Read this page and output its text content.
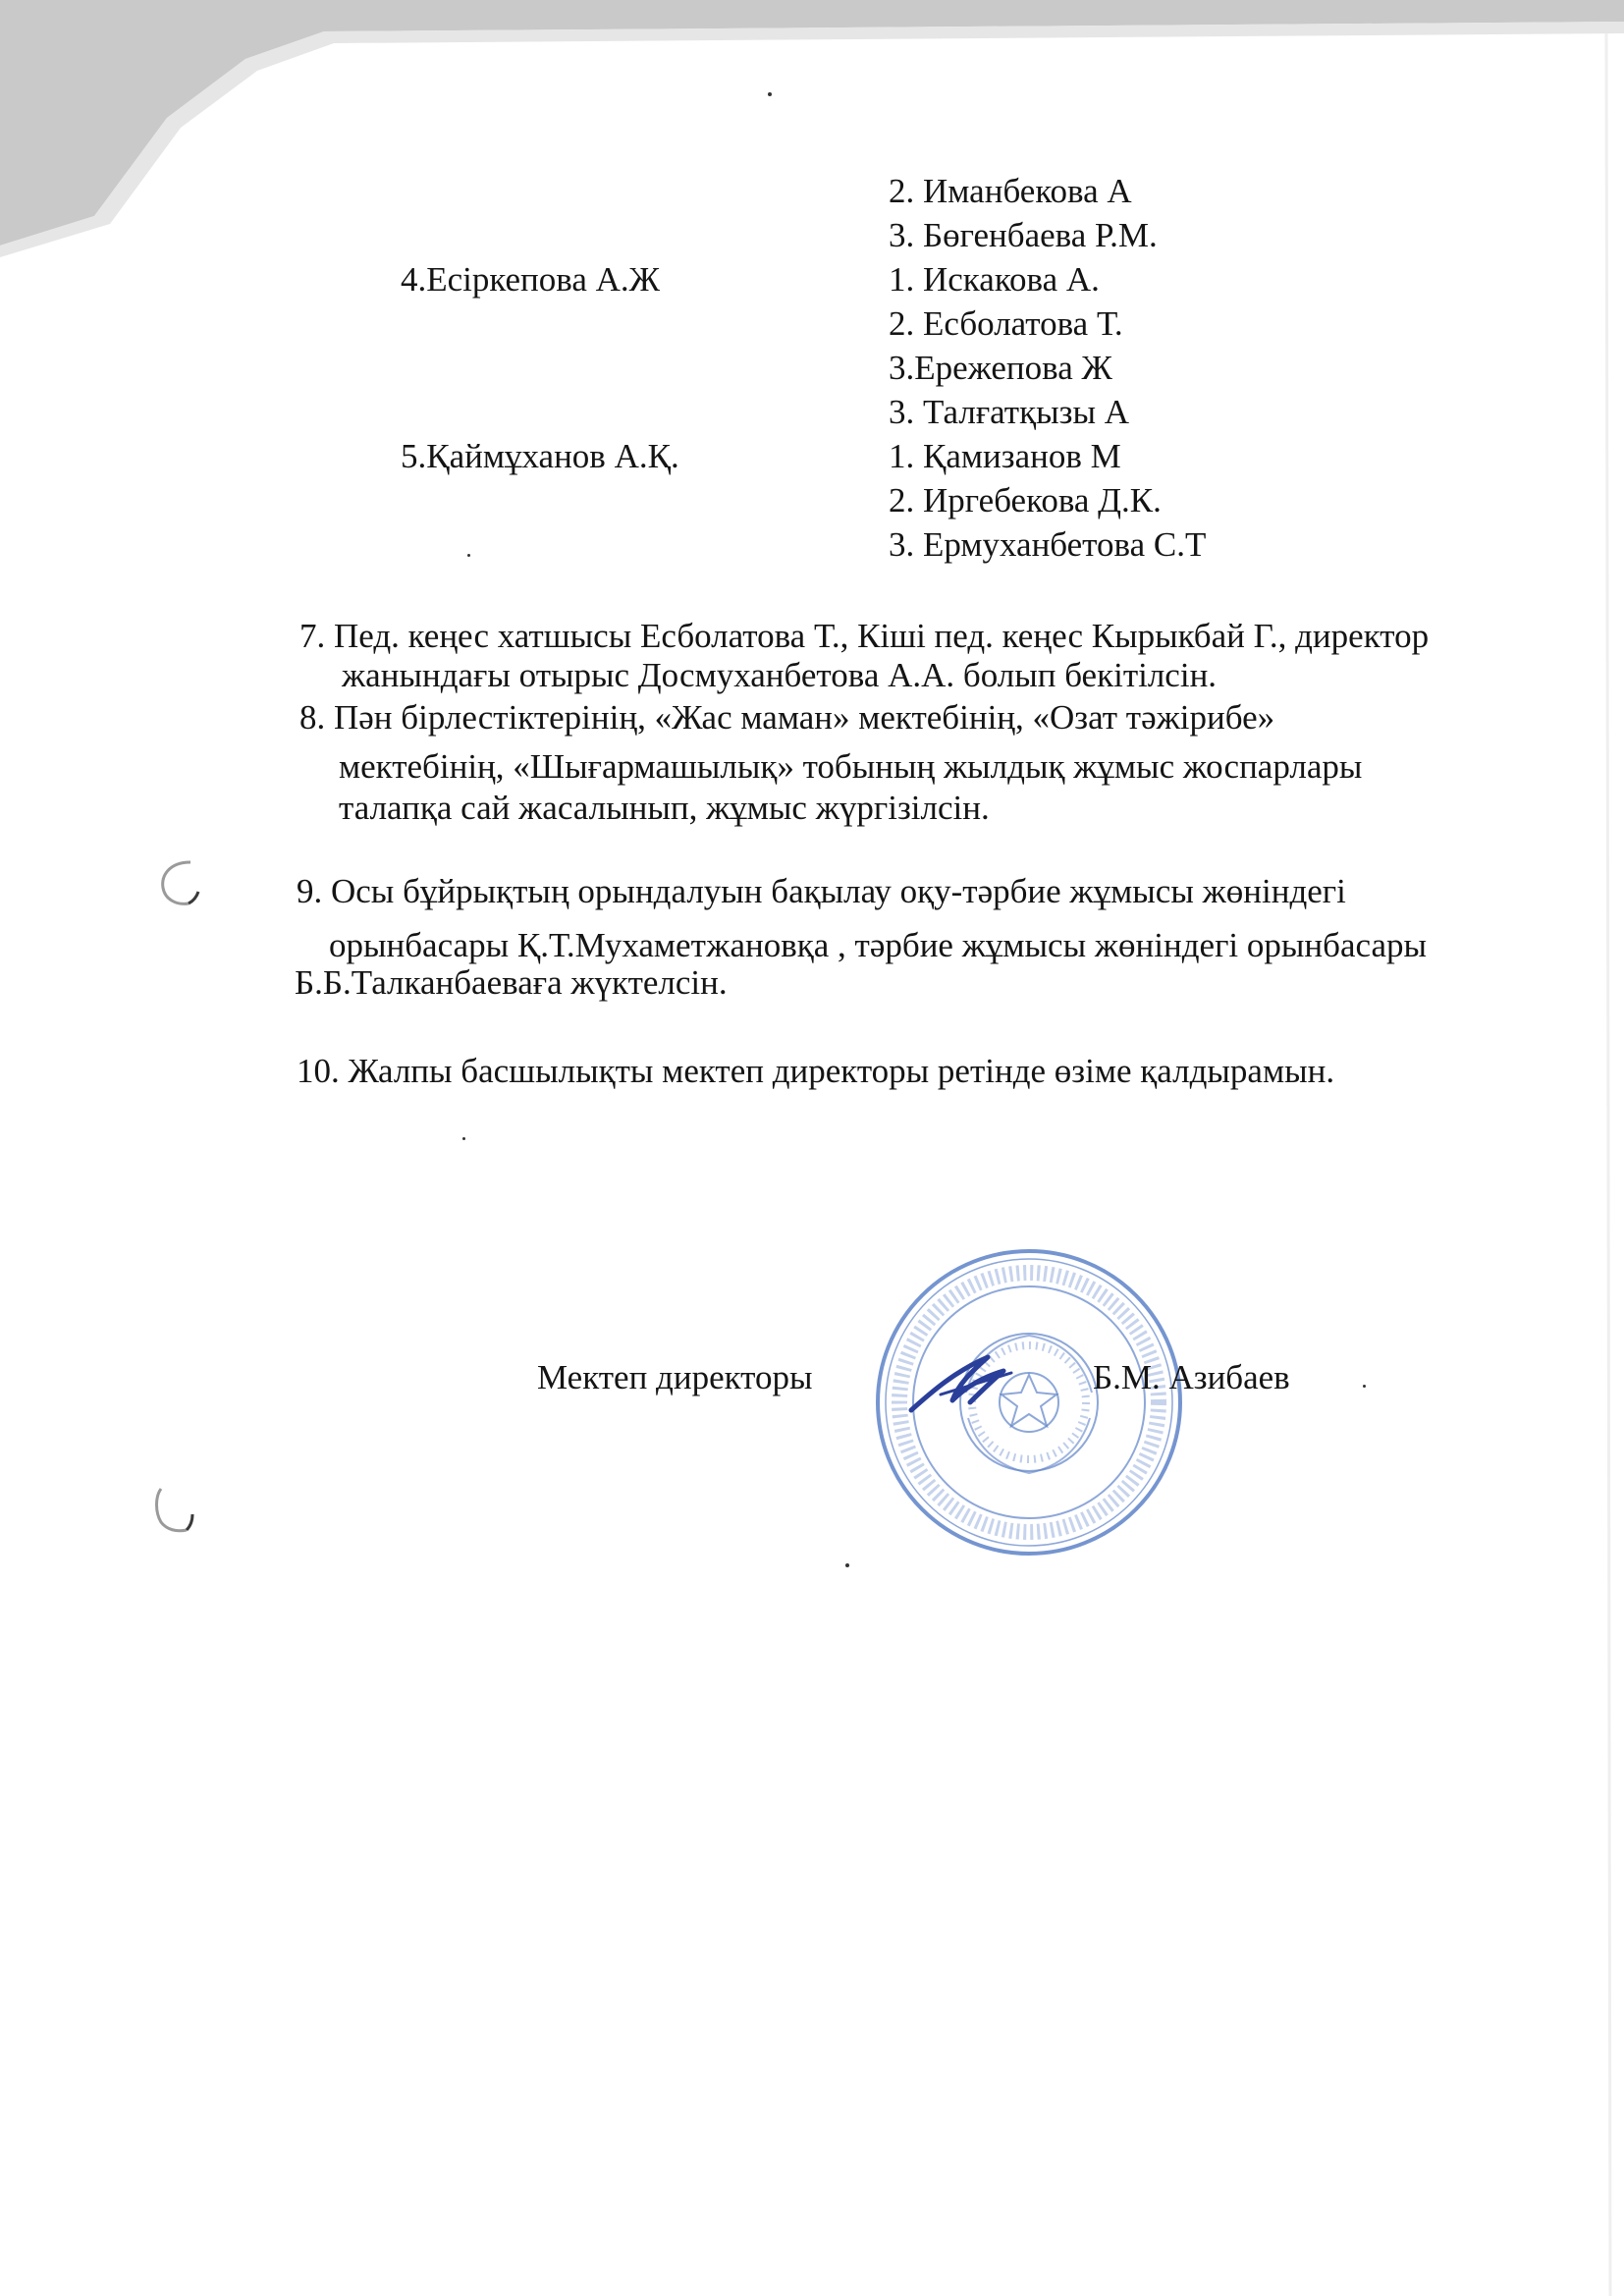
2. Иманбекова А
3. Бөгенбаева Р.М.
4.Есіркепова А.Ж	1. Искакова А.
2. Есболатова Т.
3.Ережепова Ж
3. Талғатқызы А
5.Қаймұханов А.Қ.	1. Қамизанов М
2. Иргебекова Д.К.
3. Ермуханбетова С.Т
7. Пед. кеңес хатшысы Есболатова Т., Кіші пед. кеңес Кырыкбай Г., директор
жанындағы отырыс Досмуханбетова А.А. болып бекітілсін.
8. Пән бірлестіктерінің, «Жас маман» мектебінің, «Озат тәжірибе»
мектебінің, «Шығармашылық» тобының жылдық жұмыс жоспарлары
талапқа сай жасалынып, жұмыс жүргізілсін.
9. Осы бұйрықтың орындалуын бақылау оқу-тәрбие жұмысы жөніндегі
орынбасары Қ.Т.Мухаметжановқа , тәрбие жұмысы жөніндегі орынбасары
Б.Б.Талканбаеваға жүктелсін.
10. Жалпы басшылықты мектеп директоры ретінде өзіме қалдырамын.
Мектеп директоры	Б.М. Азибаев
